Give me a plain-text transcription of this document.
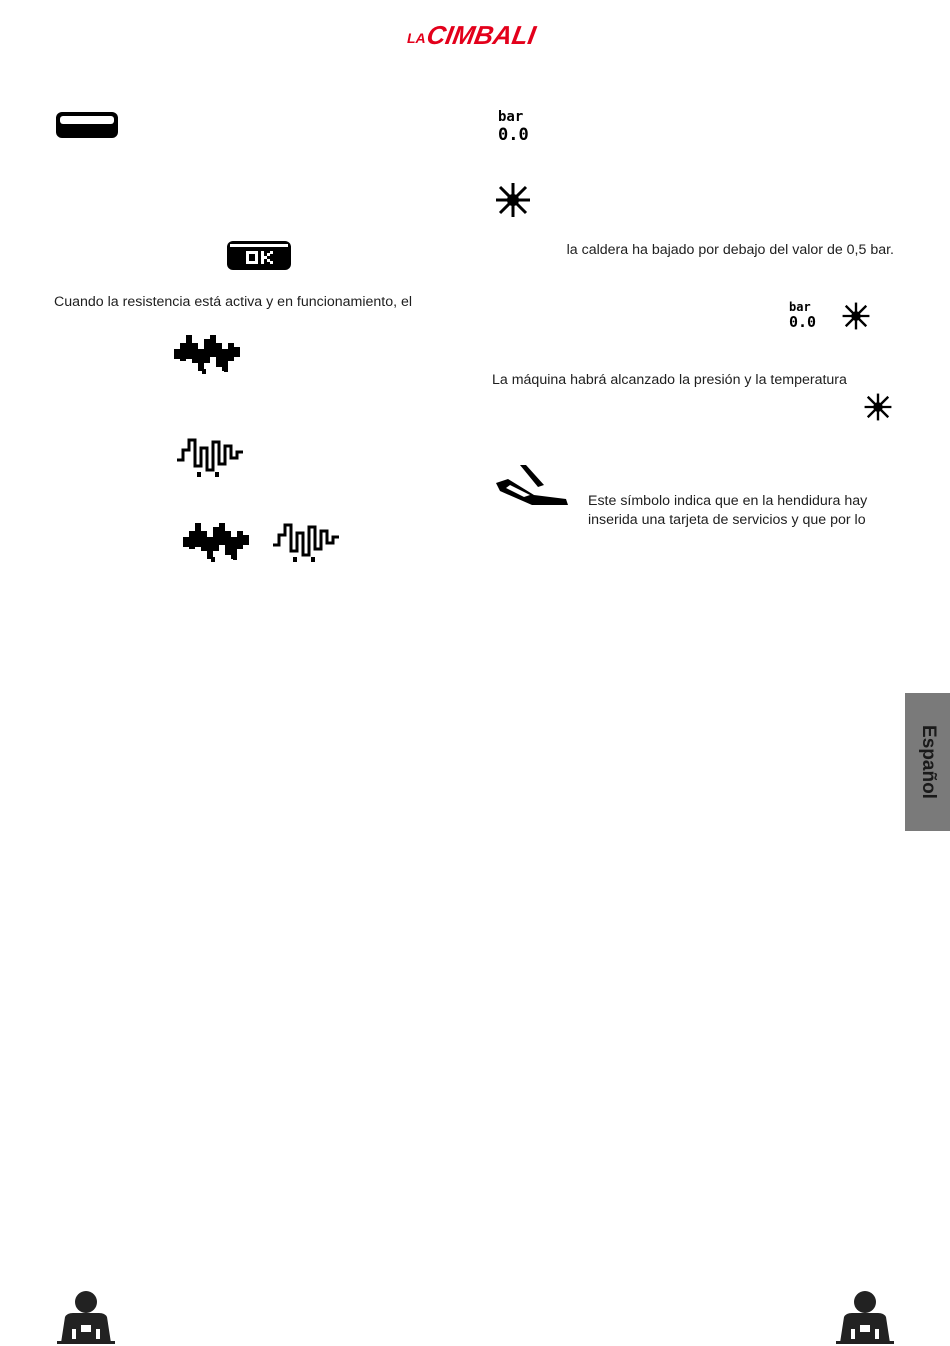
LA
CIMBALI
Cuando la resistencia está activa y en funcionamiento, el
bar
0.0
la caldera ha bajado por debajo del valor de 0,5 bar.
bar
0.0
La máquina habrá alcanzado la presión y la temperatura
Este símbolo indica que en la hendidura hay
inserida una tarjeta de servicios y que por lo
Español
